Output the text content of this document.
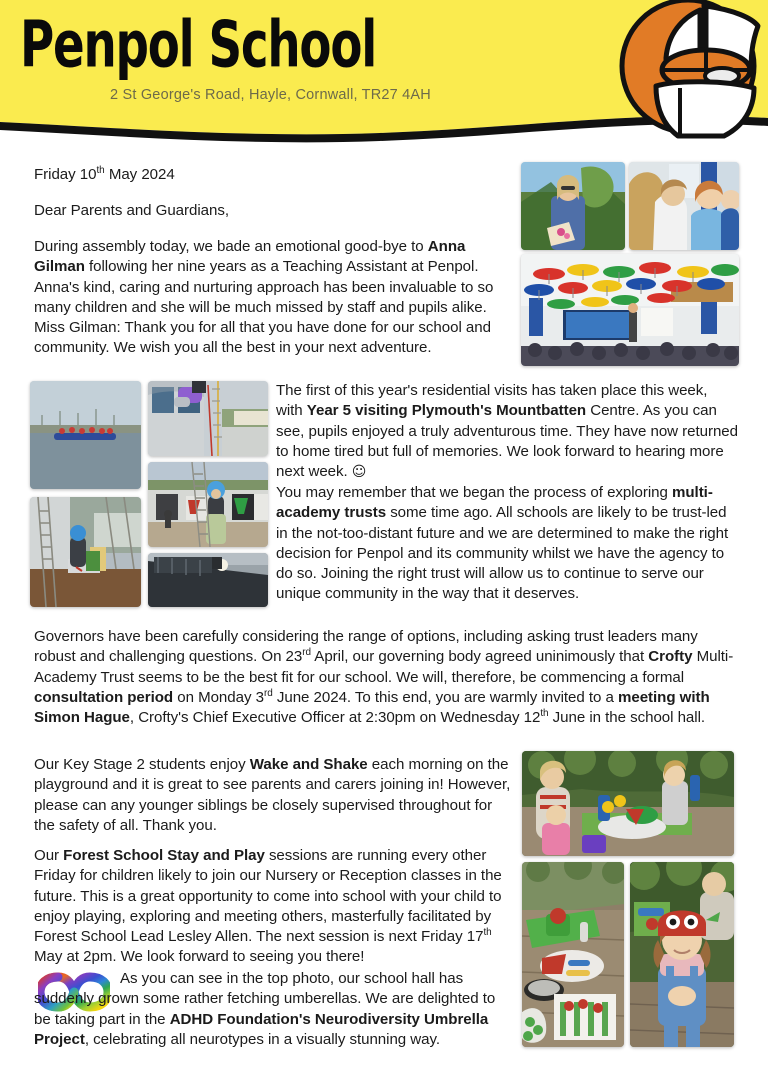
Penpol School
2 St George's Road, Hayle, Cornwall, TR27 4AH
Friday 10th May 2024
Dear Parents and Guardians,
During assembly today, we bade an emotional good-bye to Anna Gilman following her nine years as a Teaching Assistant at Penpol. Anna's kind, caring and nurturing approach has been invaluable to so many children and she will be much missed by staff and pupils alike. Miss Gilman: Thank you for all that you have done for our school and community. We wish you all the best in your next adventure.
The first of this year's residential visits has taken place this week, with Year 5 visiting Plymouth's Mountbatten Centre. As you can see, pupils enjoyed a truly adventurous time. They have now returned to home tired but full of memories. We look forward to hearing more next week. ☺
You may remember that we began the process of exploring multi-academy trusts some time ago. All schools are likely to be trust-led in the not-too-distant future and we are determined to make the right decision for Penpol and its community whilst we have the agency to do so. Joining the right trust will allow us to continue to serve our unique community in the way that it deserves.
Governors have been carefully considering the range of options, including asking trust leaders many robust and challenging questions. On 23rd April, our governing body agreed uninimously that Crofty Multi-Academy Trust seems to be the best fit for our school. We will, therefore, be commencing a formal consultation period on Monday 3rd June 2024. To this end, you are warmly invited to a meeting with Simon Hague, Crofty's Chief Executive Officer at 2:30pm on Wednesday 12th June in the school hall.
Our Key Stage 2 students enjoy Wake and Shake each morning on the playground and it is great to see parents and carers joining in! However, please can any younger siblings be closely supervised throughout for the safety of all. Thank you.
Our Forest School Stay and Play sessions are running every other Friday for children likely to join our Nursery or Reception classes in the future. This is a great opportunity to come into school with your child to enjoy playing, exploring and meeting others, masterfully facilitated by Forest School Lead Lesley Allen. The next session is next Friday 17th May at 2pm. We look forward to seeing you there!
As you can see in the top photo, our school hall has suddenly grown some rather fetching umberellas. We are delighted to be taking part in the ADHD Foundation's Neurodiversity Umbrella Project, celebrating all neurotypes in a visually stunning way.
